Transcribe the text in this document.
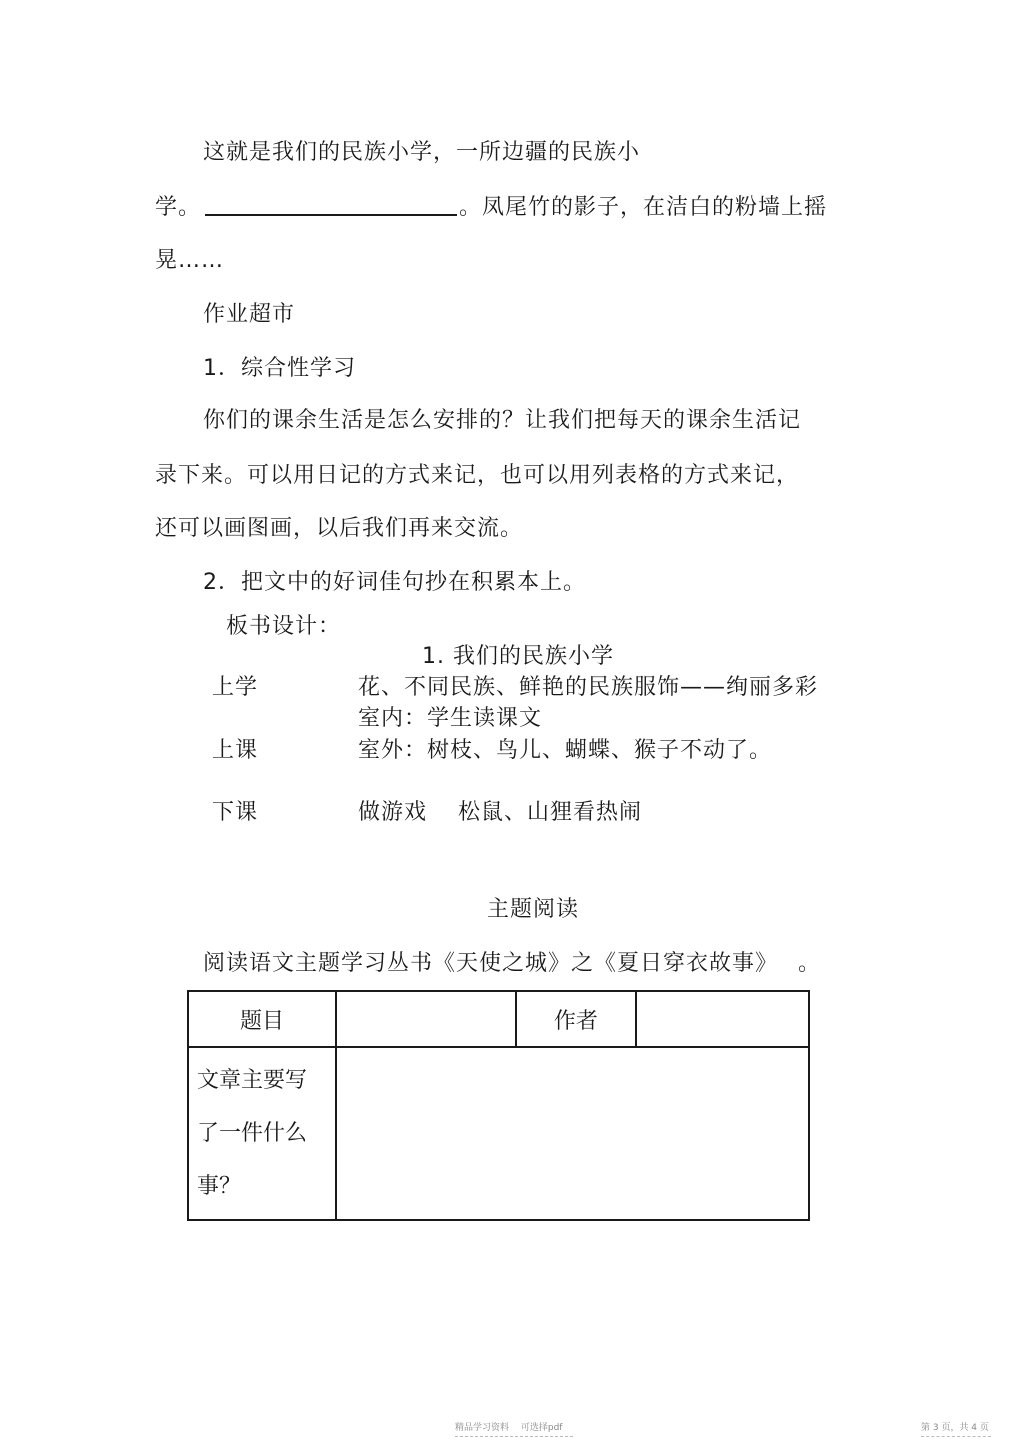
这就是我们的民族小学，一所边疆的民族小
学。	。凤尾竹的影子，在洁白的粉墙上摇
晃……
作业超市
1．综合性学习
你们的课余生活是怎么安排的？让我们把每天的课余生活记
录下来。可以用日记的方式来记，也可以用列表格的方式来记，
还可以画图画，以后我们再来交流。
2．把文中的好词佳句抄在积累本上。
板书设计：
1. 我们的民族小学
上学	花、不同民族、鲜艳的民族服饰——绚丽多彩
室内：学生读课文
上课	室外：树枝、鸟儿、蝴蝶、猴子不动了。
下课	做游戏　 松鼠、山狸看热闹
主题阅读
阅读语文主题学习丛书《天使之城》之《夏日穿衣故事》　 。
题目		作者	

文章主要写
了一件什么
事？			

精品学习资料　 可选择pdf	第 3 页，共 4 页
